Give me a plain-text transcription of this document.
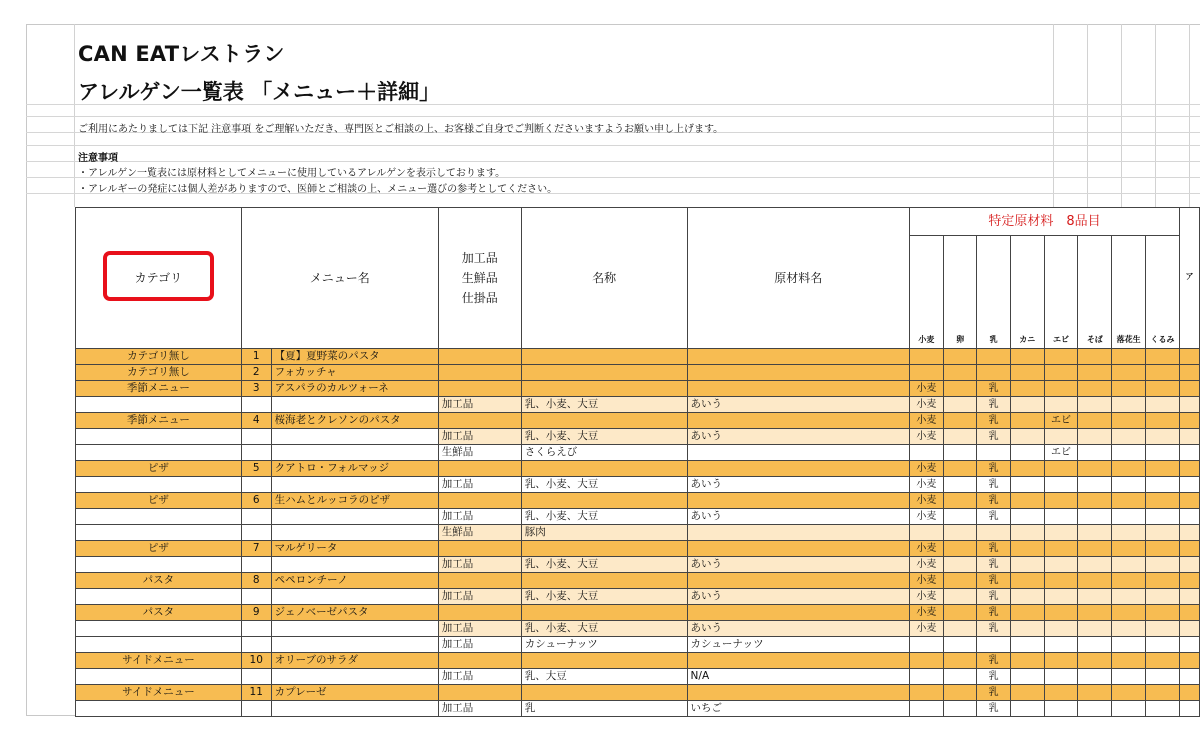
CAN EATレストラン
アレルゲン一覧表 「メニュー＋詳細」
ご利用にあたりましては下記 注意事項 をご理解いただき、専門医とご相談の上、お客様ご自身でご判断くださいますようお願い申し上げます。
注意事項
・アレルゲン一覧表には原材料としてメニューに使用しているアレルゲンを表示しております。
・アレルギーの発症には個人差がありますので、医師とご相談の上、メニュー選びの参考としてください。
カテゴリ	メニュー名		加工品
生鮮品
仕掛品	名称	原材料名	特定原材料　8品目								ア
						小麦	卵	乳	カニ	エビ	そば	落花生	くるみ	
カテゴリ無し	1	【夏】夏野菜のパスタ												
カテゴリ無し	2	フォカッチャ												
季節メニュー	3	アスパラのカルツォーネ				小麦		乳						
			加工品	乳、小麦、大豆	あいう	小麦		乳						
季節メニュー	4	桜海老とクレソンのパスタ				小麦		乳		エビ				
			加工品	乳、小麦、大豆	あいう	小麦		乳						
			生鮮品	さくらえび						エビ				
ピザ	5	クアトロ・フォルマッジ				小麦		乳						
			加工品	乳、小麦、大豆	あいう	小麦		乳						
ピザ	6	生ハムとルッコラのピザ				小麦		乳						
			加工品	乳、小麦、大豆	あいう	小麦		乳						
			生鮮品	豚肉										
ピザ	7	マルゲリータ				小麦		乳						
			加工品	乳、小麦、大豆	あいう	小麦		乳						
パスタ	8	ペペロンチーノ				小麦		乳						
			加工品	乳、小麦、大豆	あいう	小麦		乳						
パスタ	9	ジェノベーゼパスタ				小麦		乳						
			加工品	乳、小麦、大豆	あいう	小麦		乳						
			加工品	カシューナッツ	カシューナッツ									
サイドメニュー	10	オリーブのサラダ						乳						
			加工品	乳、大豆	N/A			乳						
サイドメニュー	11	カプレーゼ						乳						
			加工品	乳	いちご			乳						
